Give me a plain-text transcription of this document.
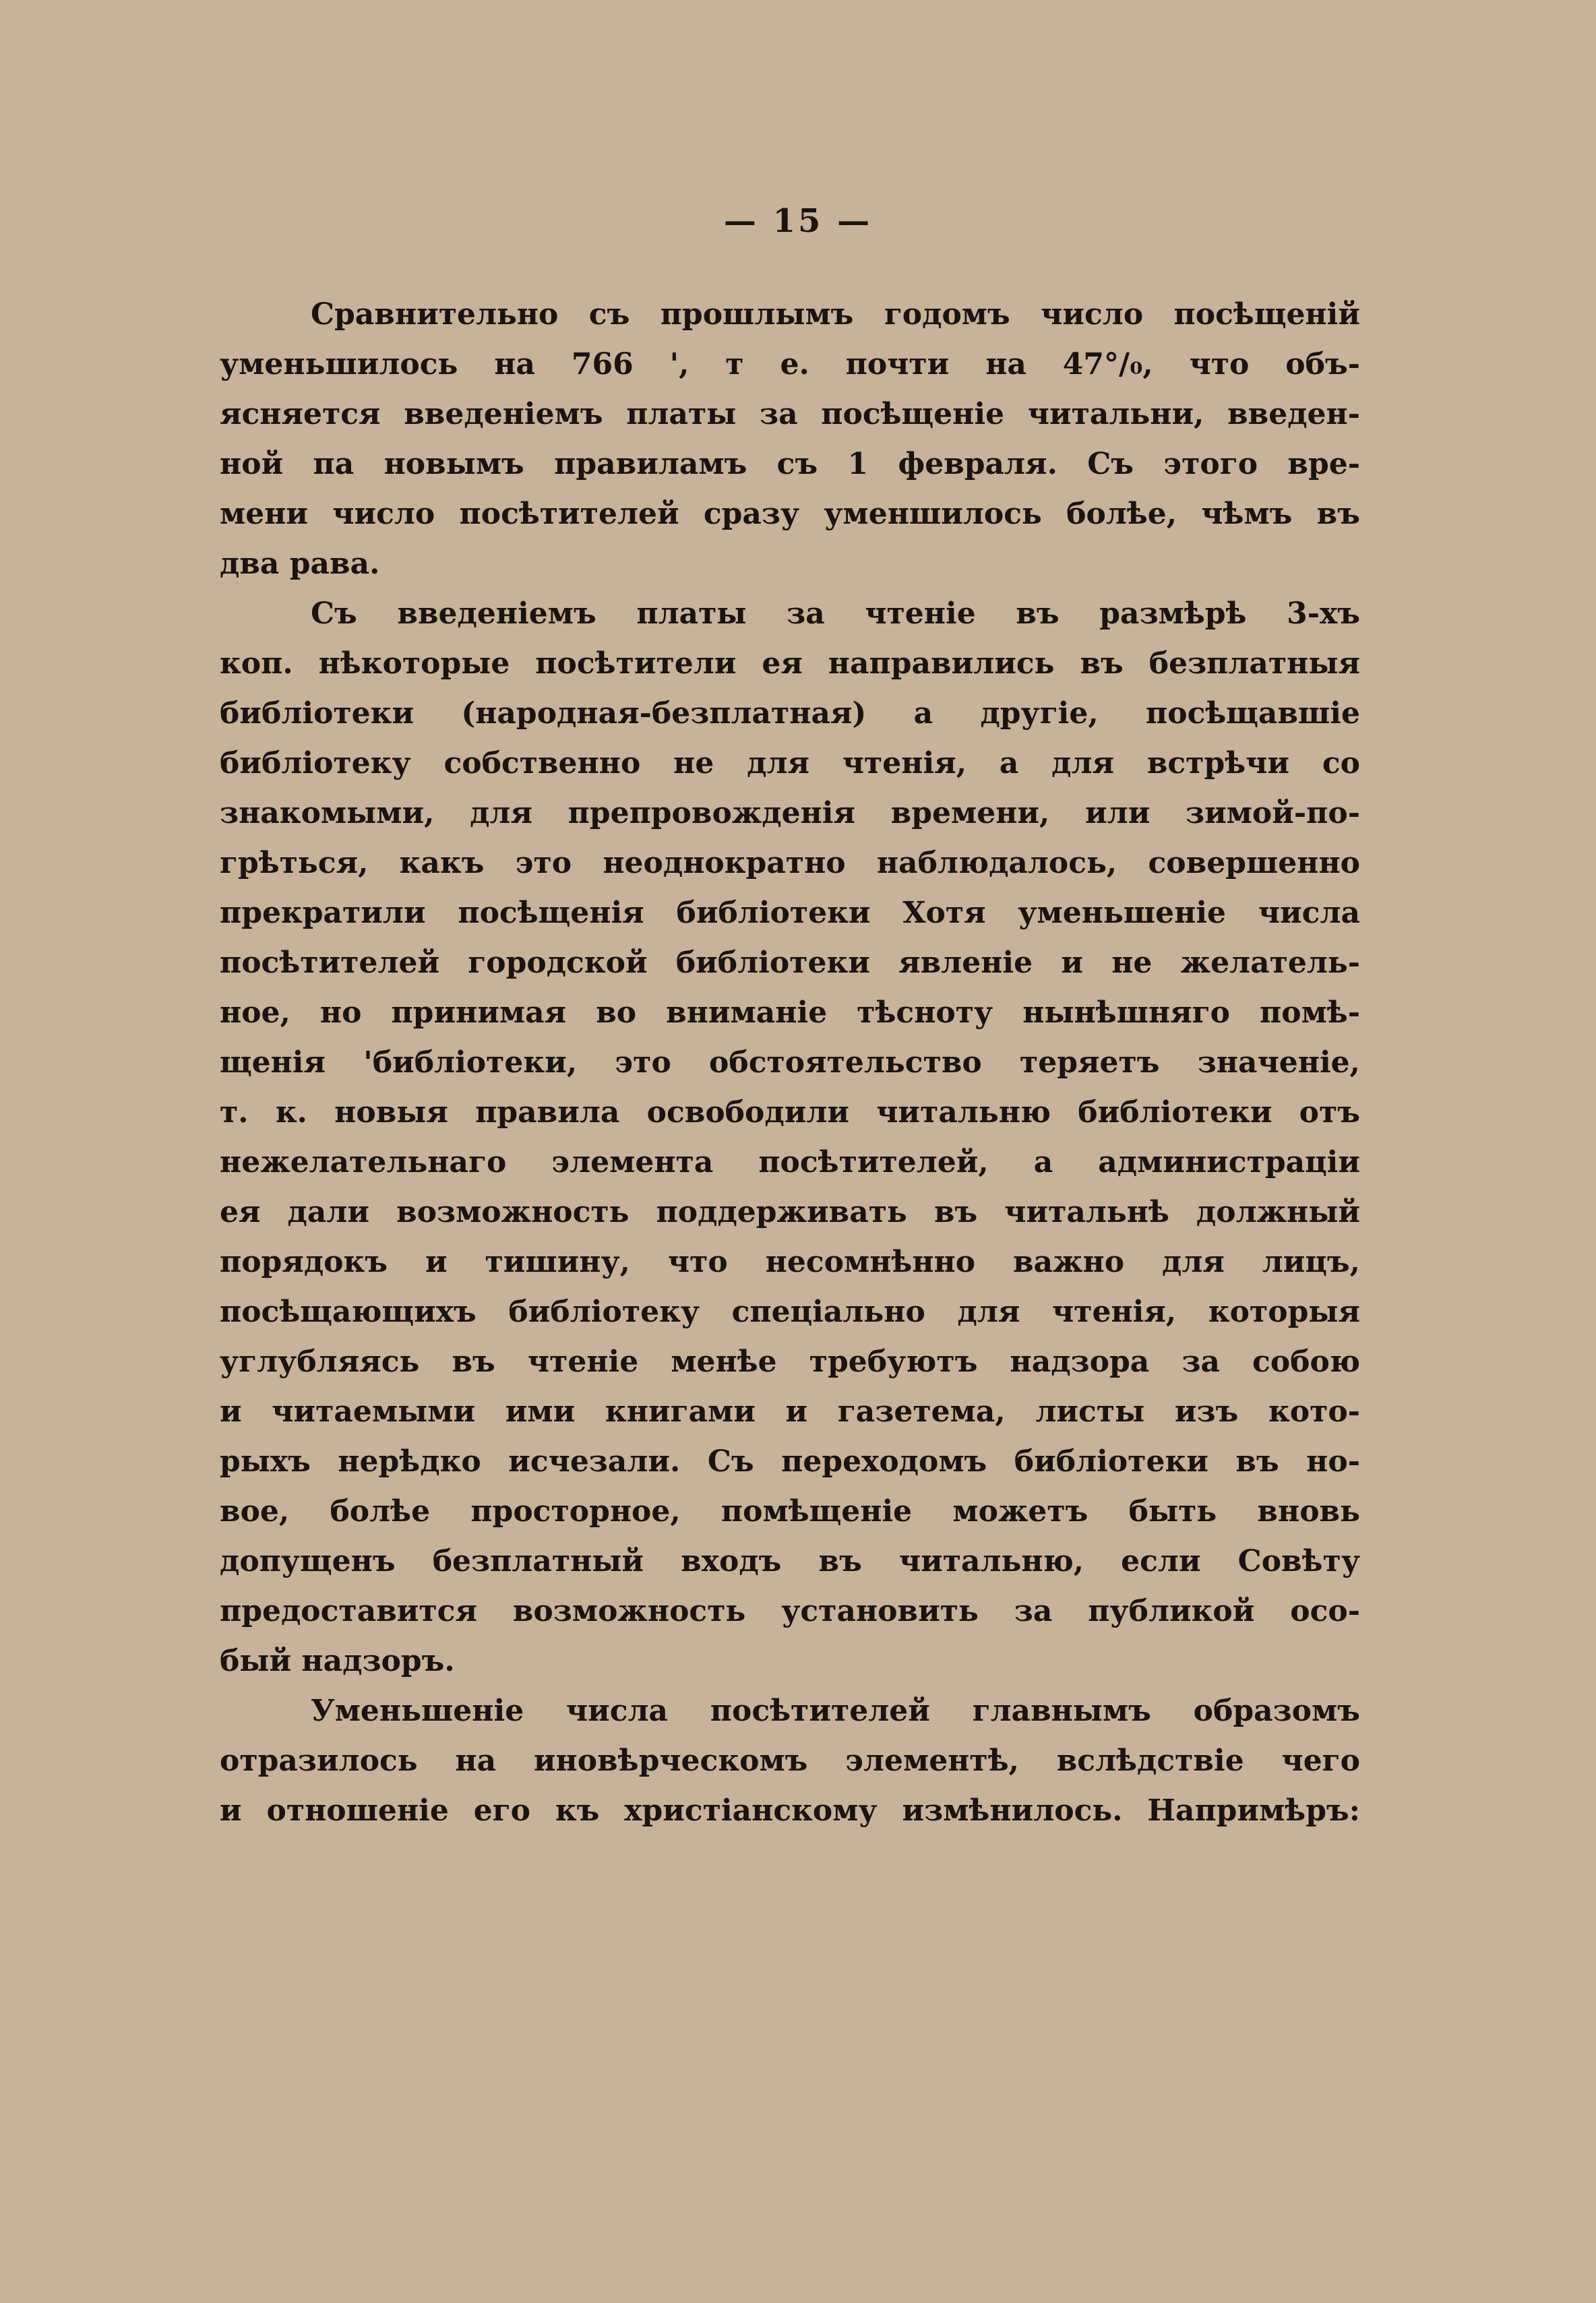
— 15 —
Сравнительно съ прошлымъ годомъ число посѣщеній
уменьшилось на 766 ', т е. почти на 47°/₀, что объ-
ясняется введеніемъ платы за посѣщеніе читальни, введен-
ной па новымъ правиламъ съ 1 февраля. Съ этого вре-
мени число посѣтителей сразу уменшилось болѣе, чѣмъ въ
два рава.
Съ введеніемъ платы за чтеніе въ размѣрѣ 3-хъ
коп. нѣкоторые посѣтители ея направились въ безплатныя
библіотеки (народная-безплатная) а другіе, посѣщавшіе
библіотеку собственно не для чтенія, а для встрѣчи со
знакомыми, для препровожденія времени, или зимой-по-
грѣться, какъ это неоднократно наблюдалось, совершенно
прекратили посѣщенія библіотеки Хотя уменьшеніе числа
посѣтителей городской библіотеки явленіе и не желатель-
ное, но принимая во вниманіе тѣсноту нынѣшняго помѣ-
щенія 'библіотеки, это обстоятельство теряетъ значеніе,
т. к. новыя правила освободили читальню библіотеки отъ
нежелательнаго элемента посѣтителей, а администраціи
ея дали возможность поддерживать въ читальнѣ должный
порядокъ и тишину, что несомнѣнно важно для лицъ,
посѣщающихъ библіотеку спеціально для чтенія, которыя
углубляясь въ чтеніе менѣе требуютъ надзора за собою
и читаемыми ими книгами и газетема, листы изъ кото-
рыхъ нерѣдко исчезали. Съ переходомъ библіотеки въ но-
вое, болѣе просторное, помѣщеніе можетъ быть вновь
допущенъ безплатный входъ въ читальню, если Совѣту
предоставится возможность установить за публикой осо-
бый надзоръ.
Уменьшеніе числа посѣтителей главнымъ образомъ
отразилось на иновѣрческомъ элементѣ, вслѣдствіе чего
и отношеніе его къ христіанскому измѣнилось. Напримѣръ:
